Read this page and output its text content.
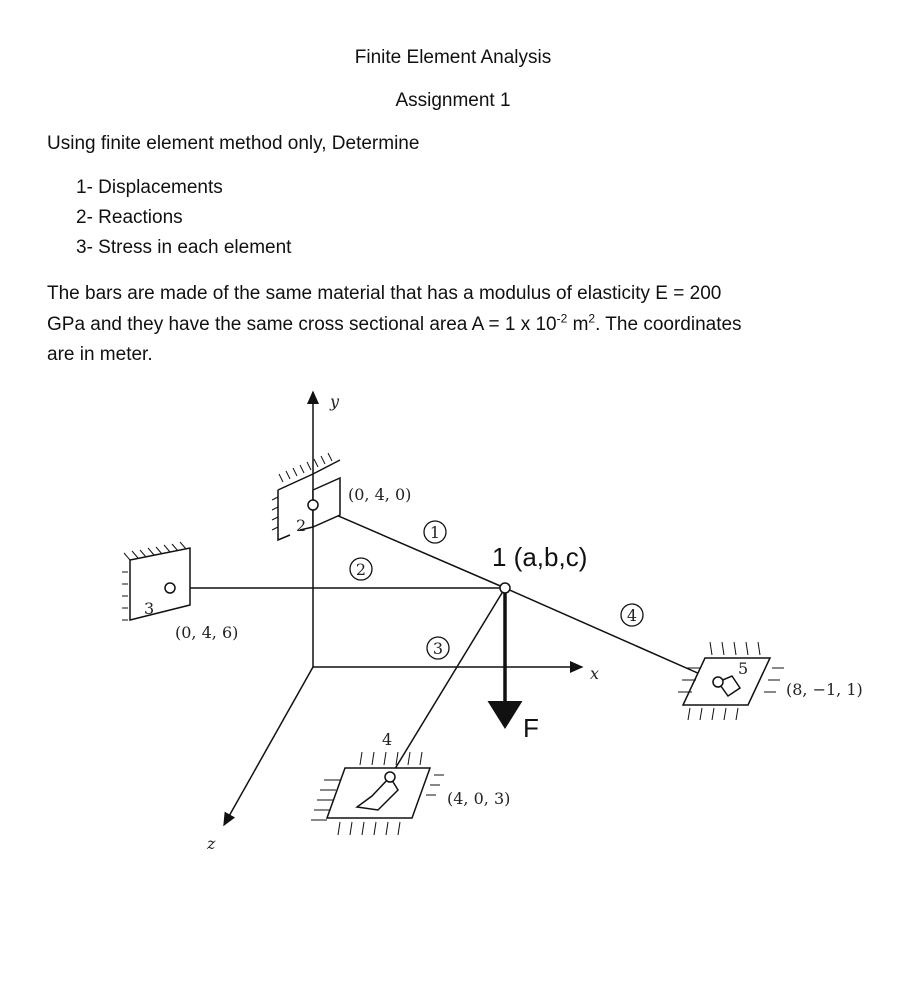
Finite Element Analysis

Assignment 1

Using finite element method only, Determine

1- Displacements
2- Reactions
3- Stress in each element
The bars are made of the same material that has a modulus of elasticity E = 200
GPa and they have the same cross sectional area A = 1 x $10^{-2}$ $m^2$. The coordinates
are in meter.
y
x
z
F
1 (a,b,c)
2
(0, 4, 0)
3
(0, 4, 6)
4
(4, 0, 3)
5
(8, −1, 1)
1
2
3
4
